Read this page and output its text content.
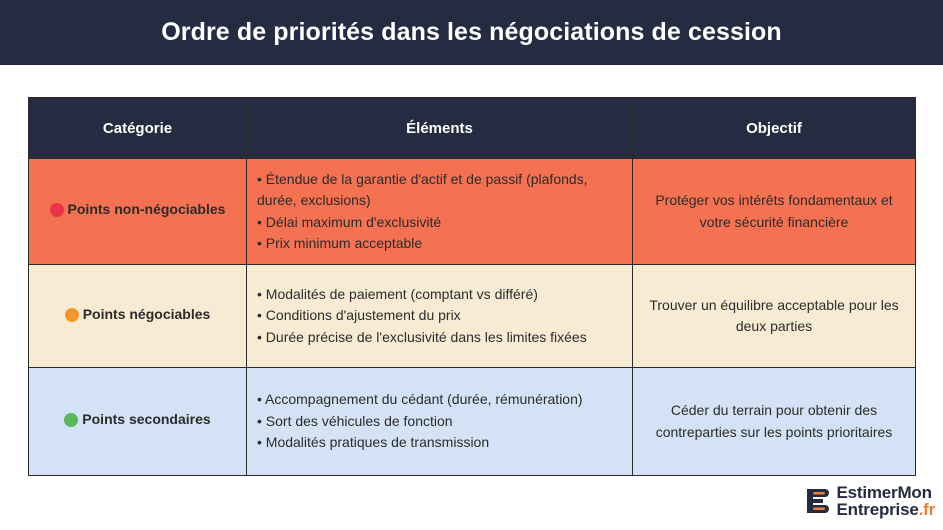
Ordre de priorités dans les négociations de cession
Catégorie	Éléments	Objectif

Points non-négociables	• Étendue de la garantie d'actif et de passif (plafonds, durée, exclusions)
• Délai maximum d'exclusivité
• Prix minimum acceptable	Protéger vos intérêts fondamentaux et votre sécurité financière

Points négociables	• Modalités de paiement (comptant vs différé)
• Conditions d'ajustement du prix
• Durée précise de l'exclusivité dans les limites fixées	Trouver un équilibre acceptable pour les deux parties

Points secondaires	• Accompagnement du cédant (durée, rémunération)
• Sort des véhicules de fonction
• Modalités pratiques de transmission	Céder du terrain pour obtenir des contreparties sur les points prioritaires
EstimerMon
Entreprise.fr
